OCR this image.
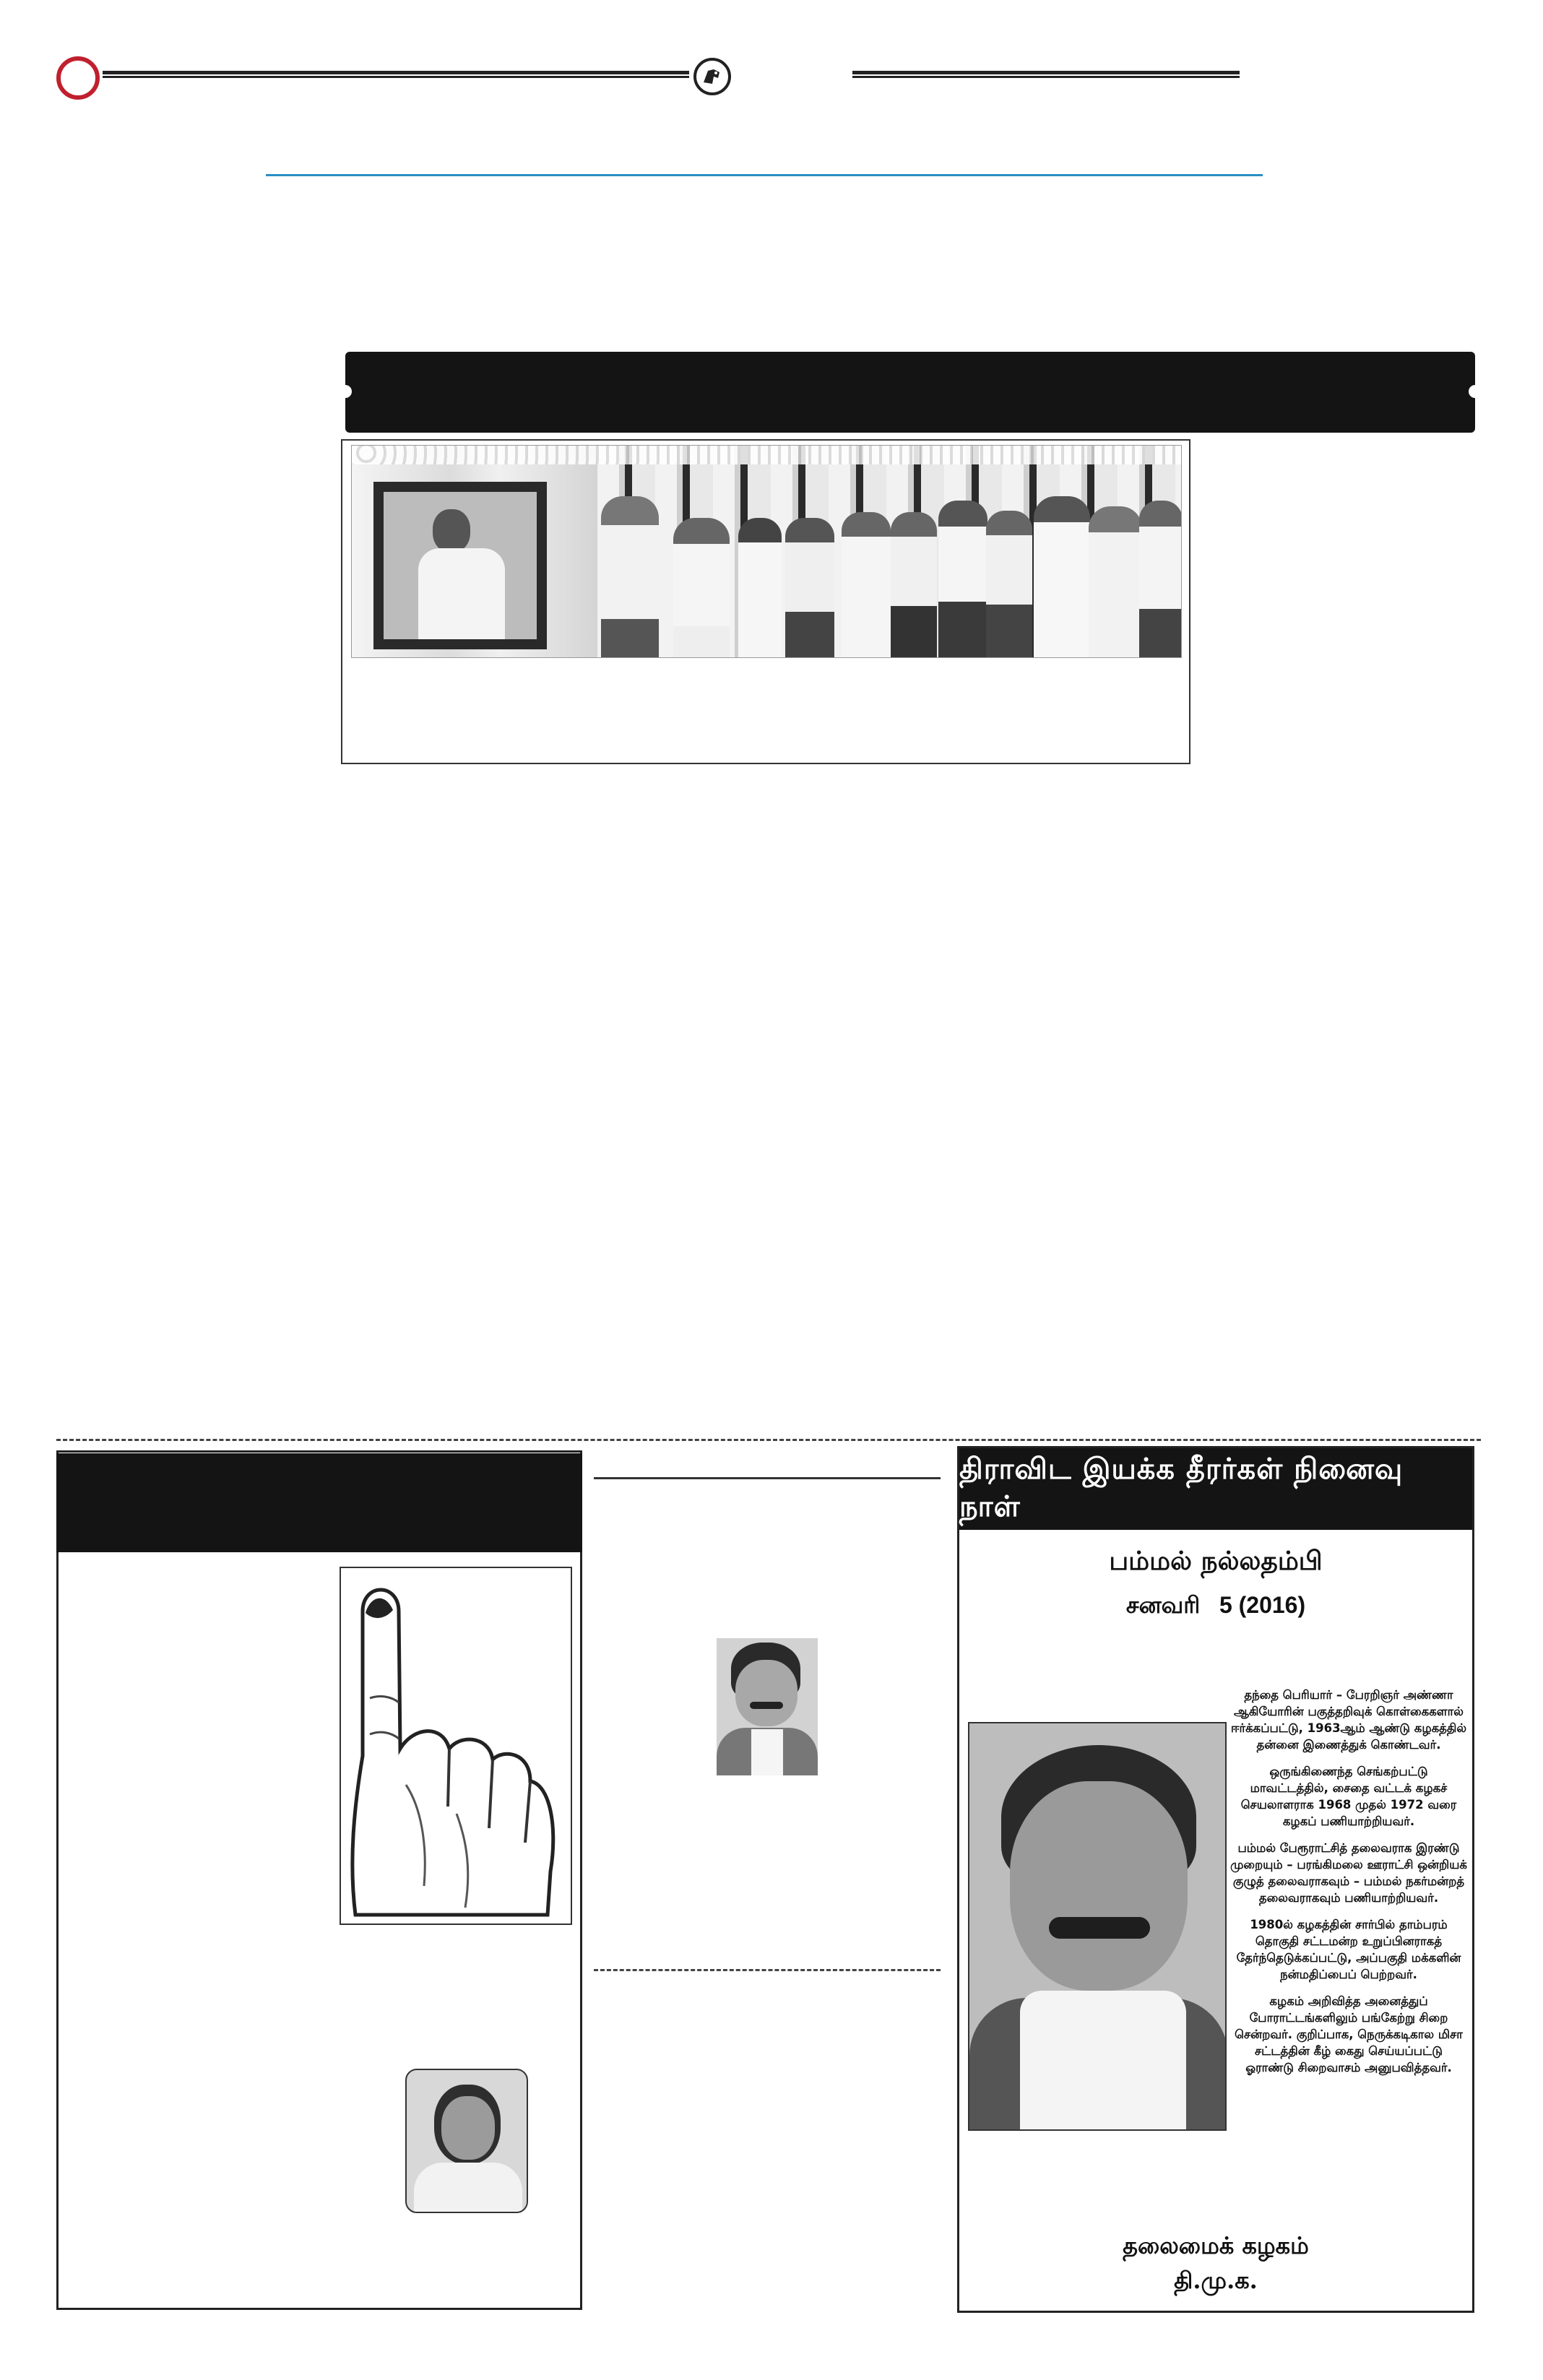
திராவிட இயக்க தீரர்கள் நினைவு நாள்
பம்மல் நல்லதம்பி
சனவரி   5 (2016)

தந்தை பெரியார் – பேரறிஞர் அண்ணா ஆகியோரின் பகுத்தறிவுக் கொள்கைகளால் ஈர்க்கப்பட்டு, 1963ஆம் ஆண்டு கழகத்தில் தன்னை இணைத்துக் கொண்டவர்.

ஒருங்கிணைந்த செங்கற்பட்டு மாவட்டத்தில், சைதை வட்டக் கழகச் செயலாளராக 1968 முதல் 1972 வரை கழகப் பணியாற்றியவர்.

பம்மல் பேரூராட்சித் தலைவராக இரண்டு முறையும் – பரங்கிமலை ஊராட்சி ஒன்றியக் குழுத் தலைவராகவும் – பம்மல் நகர்மன்றத் தலைவராகவும் பணியாற்றியவர்.

1980ல் கழகத்தின் சார்பில் தாம்பரம் தொகுதி சட்டமன்ற உறுப்பினராகத் தேர்ந்தெடுக்கப்பட்டு, அப்பகுதி மக்களின் நன்மதிப்பைப் பெற்றவர்.

கழகம் அறிவித்த அனைத்துப் போராட்டங்களிலும் பங்கேற்று சிறை சென்றவர். குறிப்பாக, நெருக்கடிகால மிசா சட்டத்தின் கீழ் கைது செய்யப்பட்டு ஓராண்டு சிறைவாசம் அனுபவித்தவர்.

தலைமைக் கழகம்
தி.மு.க.
